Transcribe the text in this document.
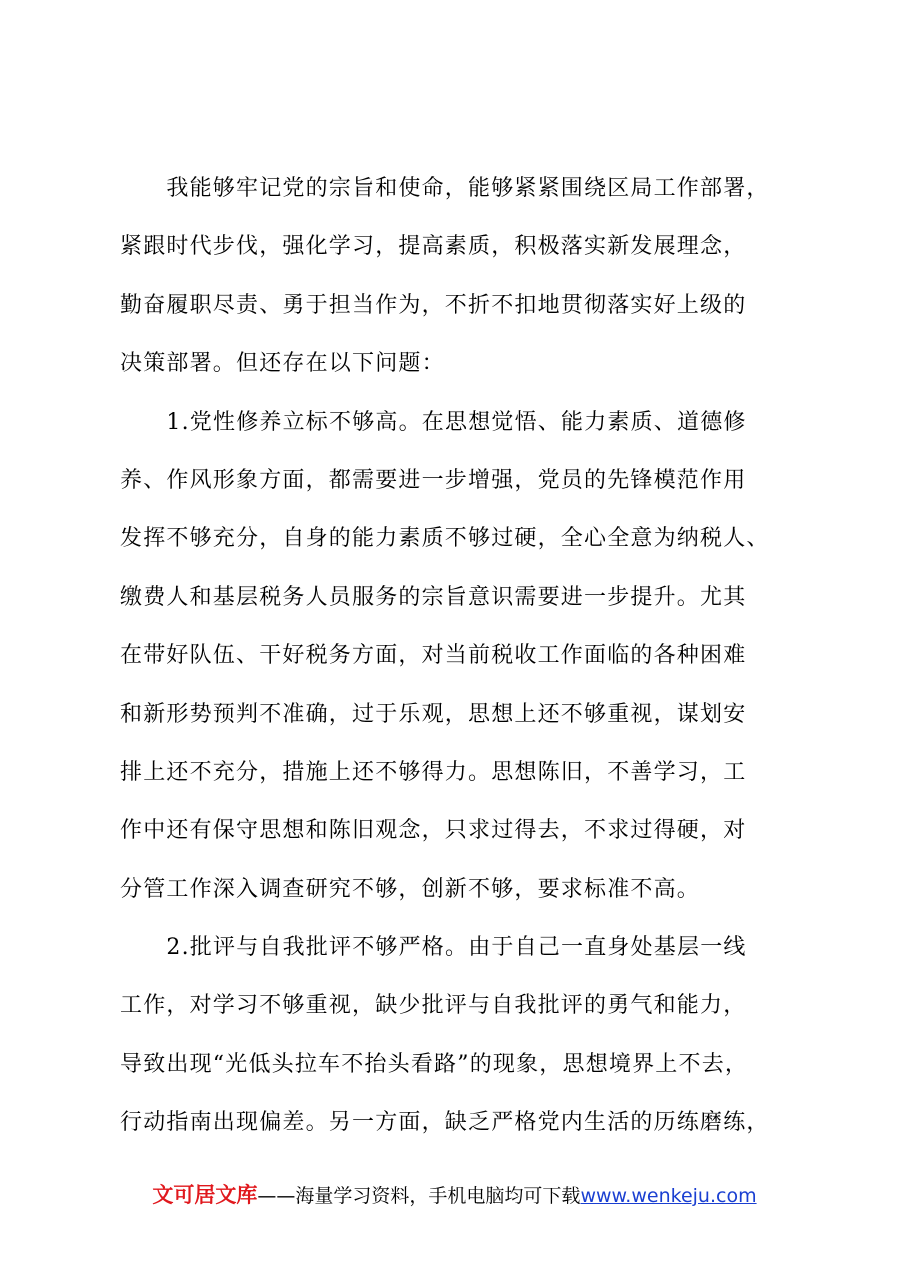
　　我能够牢记党的宗旨和使命，能够紧紧围绕区局工作部署，
紧跟时代步伐，强化学习，提高素质，积极落实新发展理念，
勤奋履职尽责、勇于担当作为，不折不扣地贯彻落实好上级的
决策部署。但还存在以下问题：
　　1.党性修养立标不够高。在思想觉悟、能力素质、道德修
养、作风形象方面，都需要进一步增强，党员的先锋模范作用
发挥不够充分，自身的能力素质不够过硬，全心全意为纳税人、
缴费人和基层税务人员服务的宗旨意识需要进一步提升。尤其
在带好队伍、干好税务方面，对当前税收工作面临的各种困难
和新形势预判不准确，过于乐观，思想上还不够重视，谋划安
排上还不充分，措施上还不够得力。思想陈旧，不善学习，工
作中还有保守思想和陈旧观念，只求过得去，不求过得硬，对
分管工作深入调查研究不够，创新不够，要求标准不高。
　　2.批评与自我批评不够严格。由于自己一直身处基层一线
工作，对学习不够重视，缺少批评与自我批评的勇气和能力，
导致出现“光低头拉车不抬头看路”的现象，思想境界上不去，
行动指南出现偏差。另一方面，缺乏严格党内生活的历练磨练，
文可居文库——海量学习资料，手机电脑均可下载www.wenkeju.com
